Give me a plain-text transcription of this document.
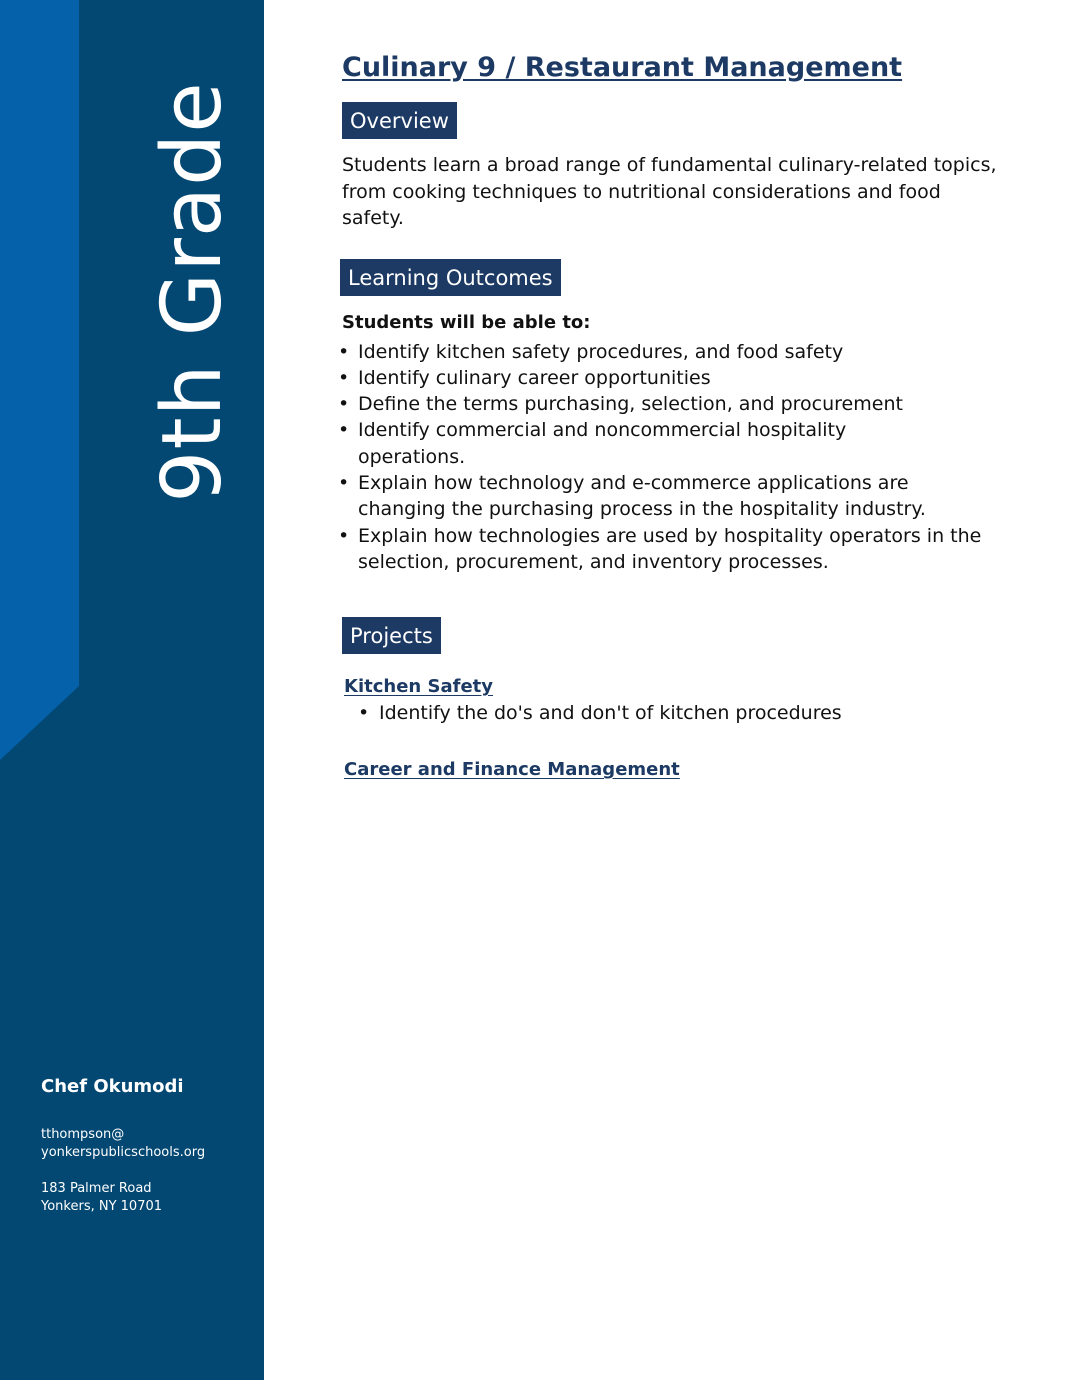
9th Grade
Chef Okumodi
tthompson@
yonkerspublicschools.org
183 Palmer Road
Yonkers, NY 10701
Culinary 9 / Restaurant Management
Overview

Students learn a broad range of fundamental culinary-related topics, from cooking techniques to nutritional considerations and food safety.

Learning Outcomes

Students will be able to:

• Identify kitchen safety procedures, and food safety
• Identify culinary career opportunities
• Define the terms purchasing, selection, and procurement
• Identify commercial and noncommercial hospitality operations.
• Explain how technology and e-commerce applications are changing the purchasing process in the hospitality industry.
• Explain how technologies are used by hospitality operators in the selection, procurement, and inventory processes.
Projects

Kitchen Safety

• Identify the do's and don't of kitchen procedures

Career and Finance Management
